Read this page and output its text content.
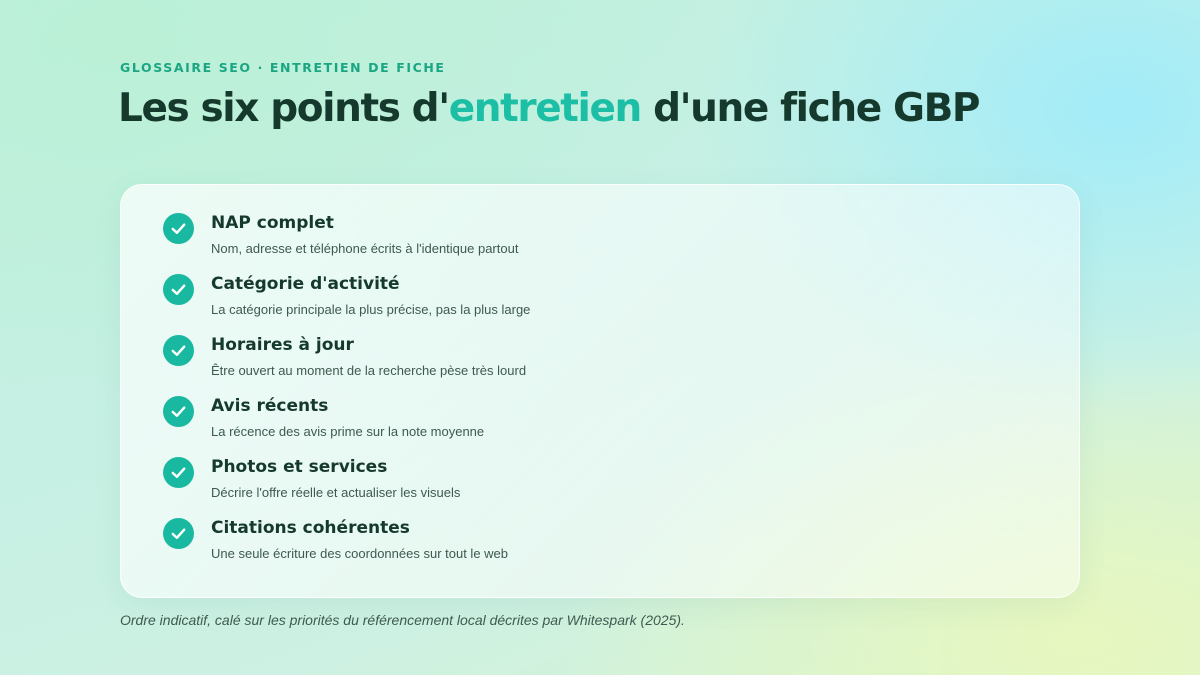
GLOSSAIRE SEO · ENTRETIEN DE FICHE
Les six points d'entretien d'une fiche GBP
NAP complet
Nom, adresse et téléphone écrits à l'identique partout
Catégorie d'activité
La catégorie principale la plus précise, pas la plus large
Horaires à jour
Être ouvert au moment de la recherche pèse très lourd
Avis récents
La récence des avis prime sur la note moyenne
Photos et services
Décrire l'offre réelle et actualiser les visuels
Citations cohérentes
Une seule écriture des coordonnées sur tout le web
Ordre indicatif, calé sur les priorités du référencement local décrites par Whitespark (2025).
